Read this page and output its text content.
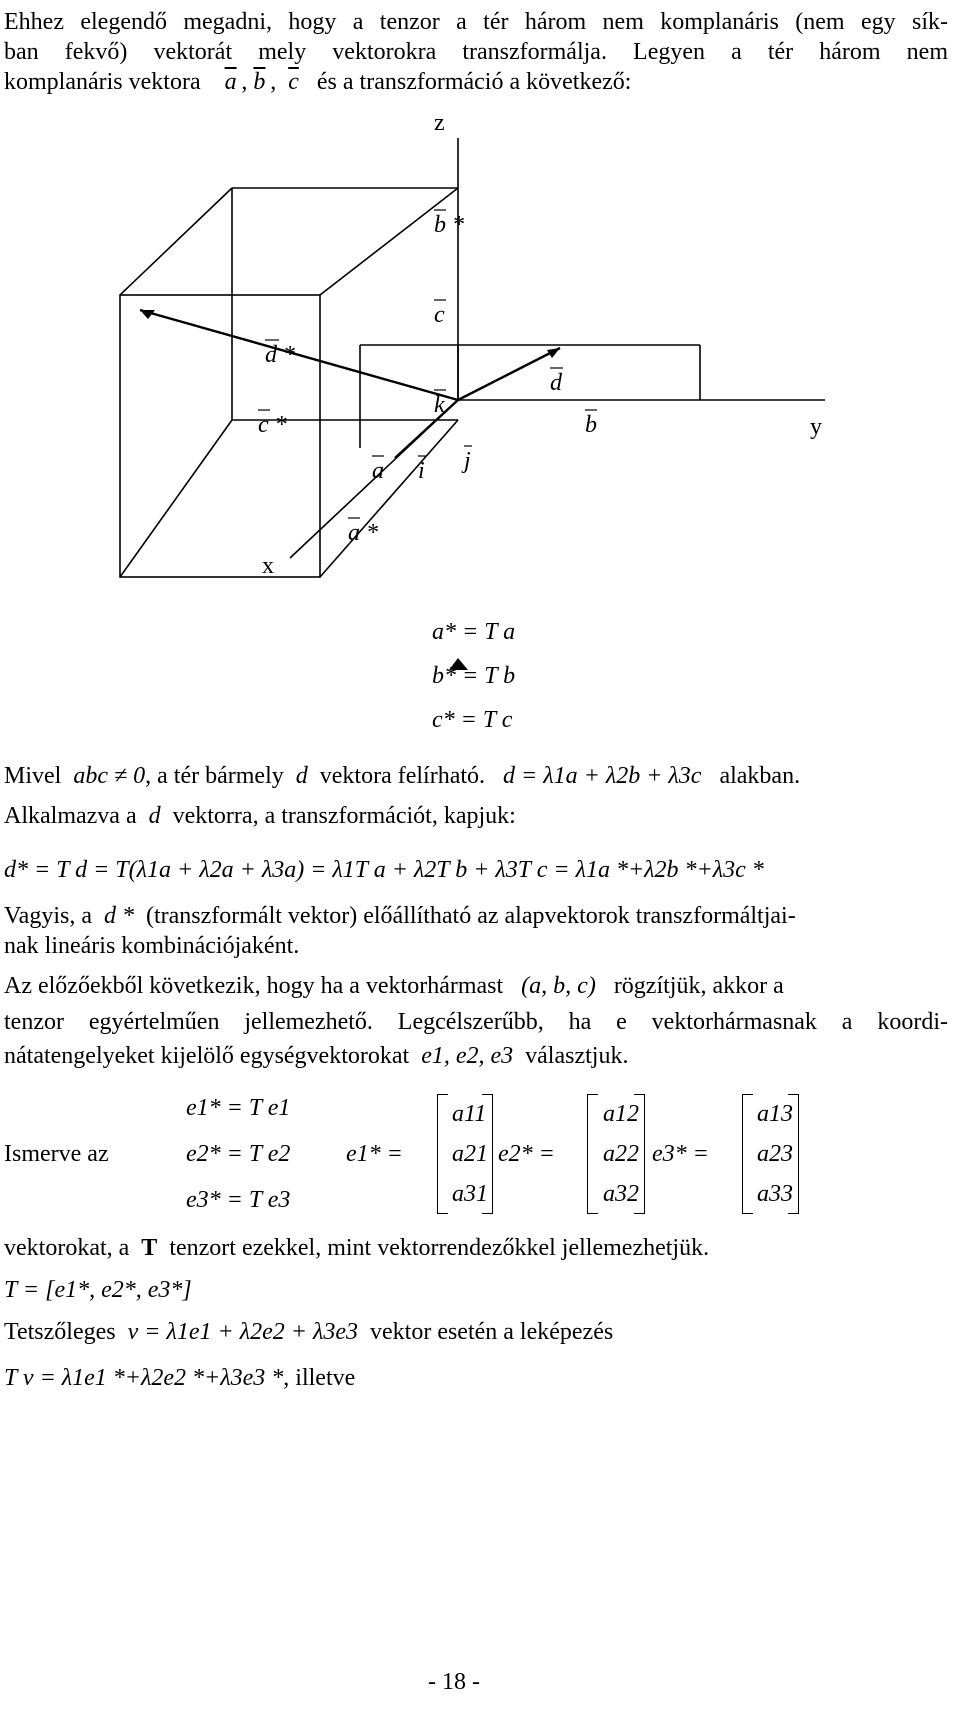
Ehhez elegendő megadni, hogy a tenzor a tér három nem komplanáris (nem egy sík-
ban fekvő) vektorát mely vektorokra transzformálja. Legyen a tér három nem
komplanáris vektora $\overline{a}$ , $\overline{b}$ ,  $\overline{c}$ és a transzformáció a következő:
z
y
x
b *
c
d *
d
k
c *	b
a i j
a *
a* = T a
b* = T b
c* = T c
Mivel abc ≠ 0, a tér bármely d vektora felírható. d = λ1a + λ2b + λ3c alakban.
Alkalmazva a d vektorra, a transzformációt, kapjuk:
d* = T d = T(λ1a + λ2a + λ3a) = λ1T a + λ2T b + λ3T c = λ1a *+λ2b *+λ3c *
Vagyis, a d * (transzformált vektor) előállítható az alapvektorok transzformáltjai-
nak lineáris kombinációjaként.
Az előzőekből következik, hogy ha a vektorhármast (a, b, c) rögzítjük, akkor a
tenzor egyértelműen jellemezhető. Legcélszerűbb, ha e vektorhármasnak a koordi-
nátatengelyeket kijelölő egységvektorokat e1, e2, e3 választjuk.
Ismerve az
e1* = T e1
e2* = T e2
e3* = T e3
e1* =
a11
a21
a31
e2* =
a12
a22
a32
e3* =
a13
a23
a33
vektorokat, a T tenzort ezekkel, mint vektorrendezőkkel jellemezhetjük.
T = [e1*, e2*, e3*]
Tetszőleges v = λ1e1 + λ2e2 + λ3e3 vektor esetén a leképezés
T v = λ1e1 *+λ2e2 *+λ3e3 *, illetve
- 18 -
